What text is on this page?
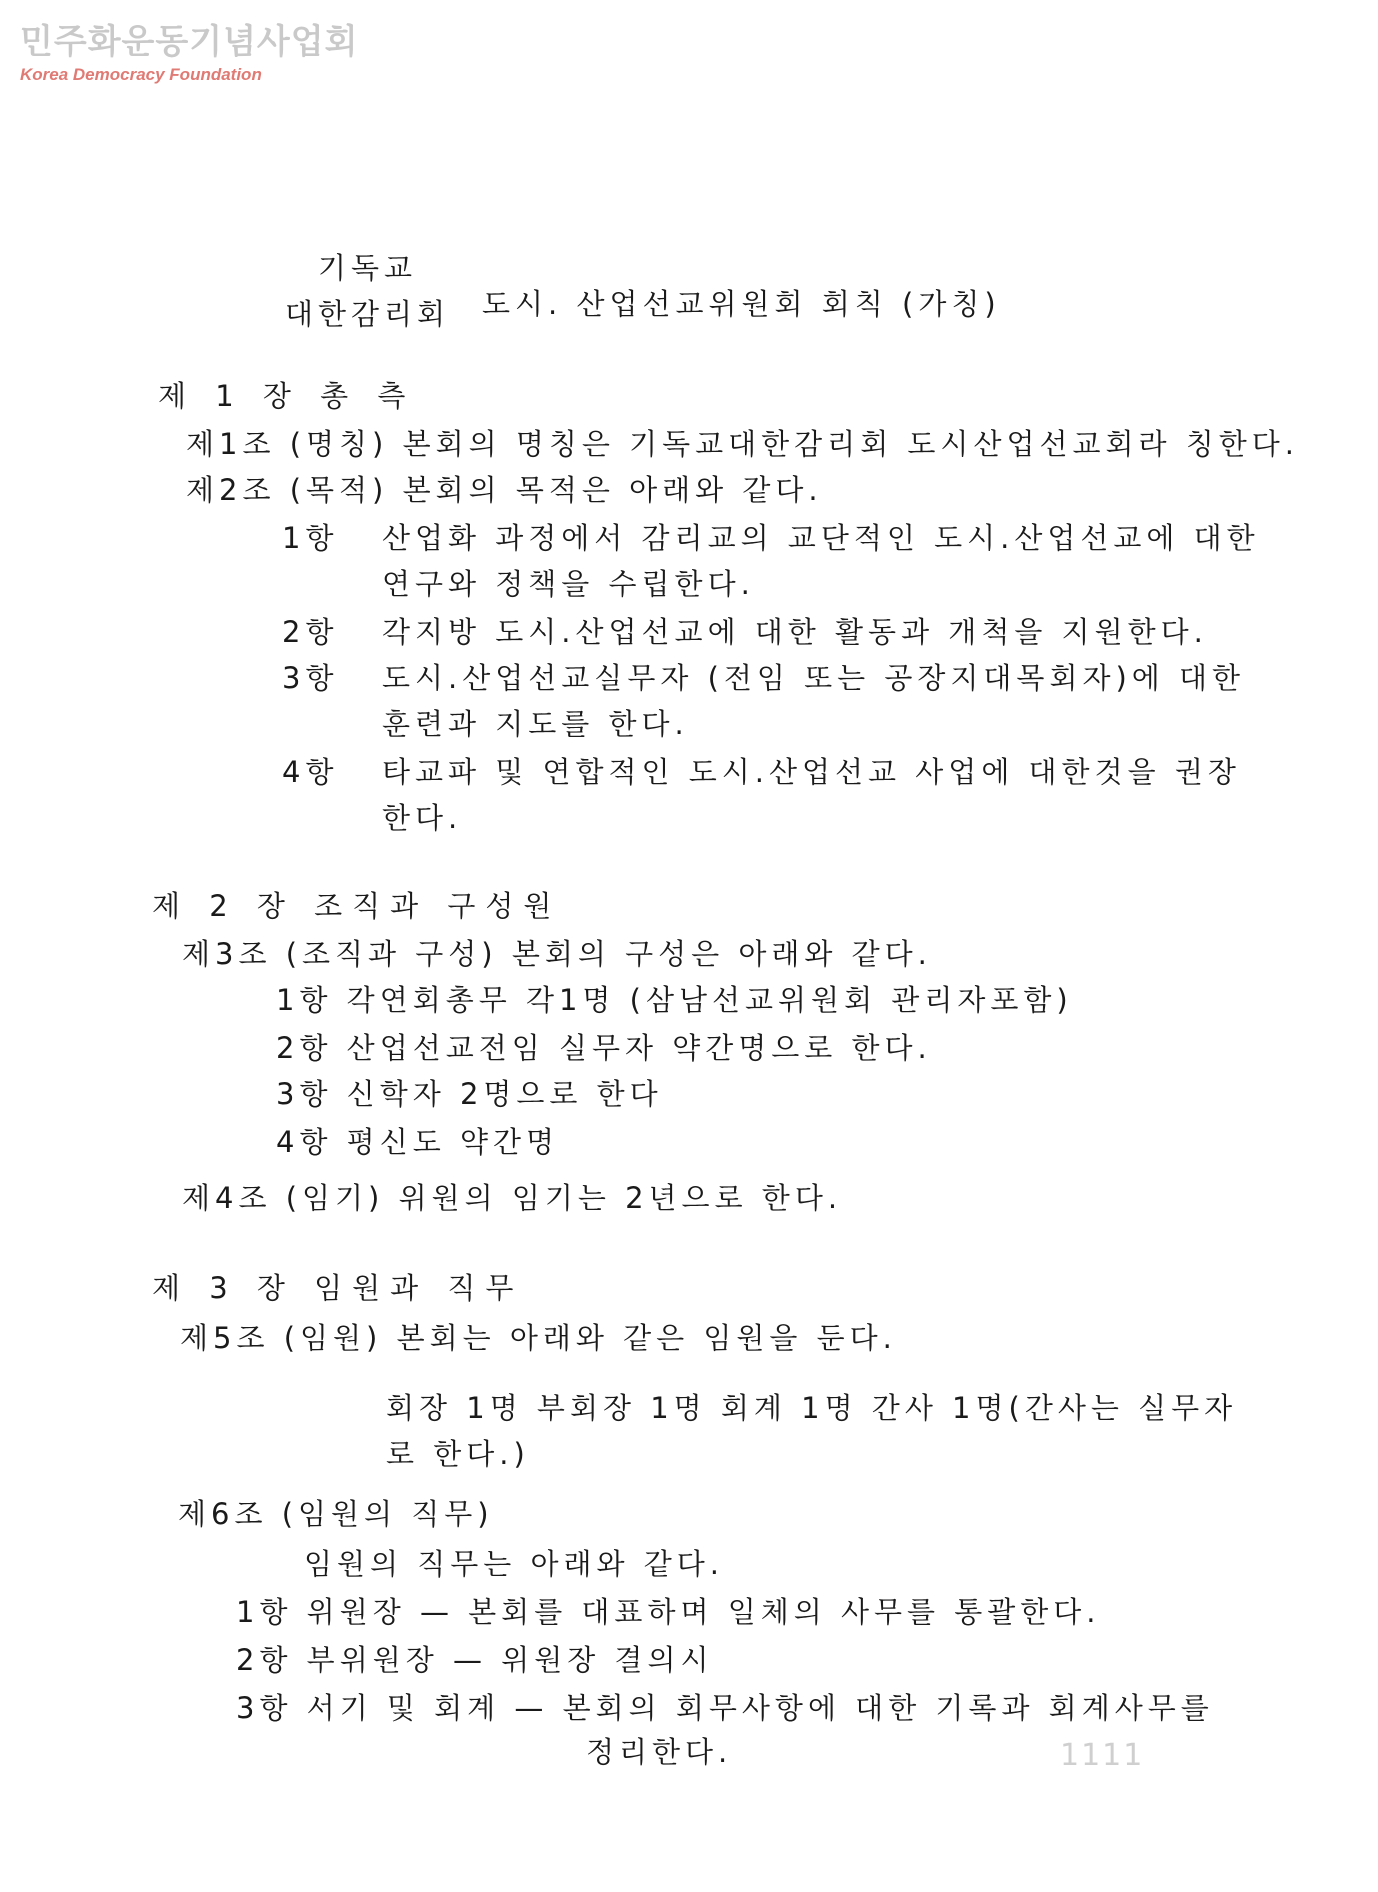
민주화운동기념사업회
Korea Democracy Foundation
기독교
대한감리회 도시. 산업선교위원회 회칙 (가칭)
제 1 장 총 측
제1조 (명칭) 본회의 명칭은 기독교대한감리회 도시산업선교회라 칭한다.
제2조 (목적) 본회의 목적은 아래와 같다.
1항 산업화 과정에서 감리교의 교단적인 도시.산업선교에 대한
연구와 정책을 수립한다.
2항 각지방 도시.산업선교에 대한 활동과 개척을 지원한다.
3항 도시.산업선교실무자 (전임 또는 공장지대목회자)에 대한
훈련과 지도를 한다.
4항 타교파 및 연합적인 도시.산업선교 사업에 대한것을 권장
한다.
제 2 장 조직과 구성원
제3조 (조직과 구성) 본회의 구성은 아래와 같다.
1항 각연회총무 각1명 (삼남선교위원회 관리자포함)
2항 산업선교전임 실무자 약간명으로 한다.
3항 신학자 2명으로 한다
4항 평신도 약간명
제4조 (임기) 위원의 임기는 2년으로 한다.
제 3 장 임원과 직무
제5조 (임원) 본회는 아래와 같은 임원을 둔다.
회장 1명 부회장 1명 회계 1명 간사 1명(간사는 실무자
로 한다.)
제6조 (임원의 직무)
임원의 직무는 아래와 같다.
1항 위원장 — 본회를 대표하며 일체의 사무를 통괄한다.
2항 부위원장 — 위원장 결의시
3항 서기 및 회계 — 본회의 회무사항에 대한 기록과 회계사무를
정리한다.	1111
